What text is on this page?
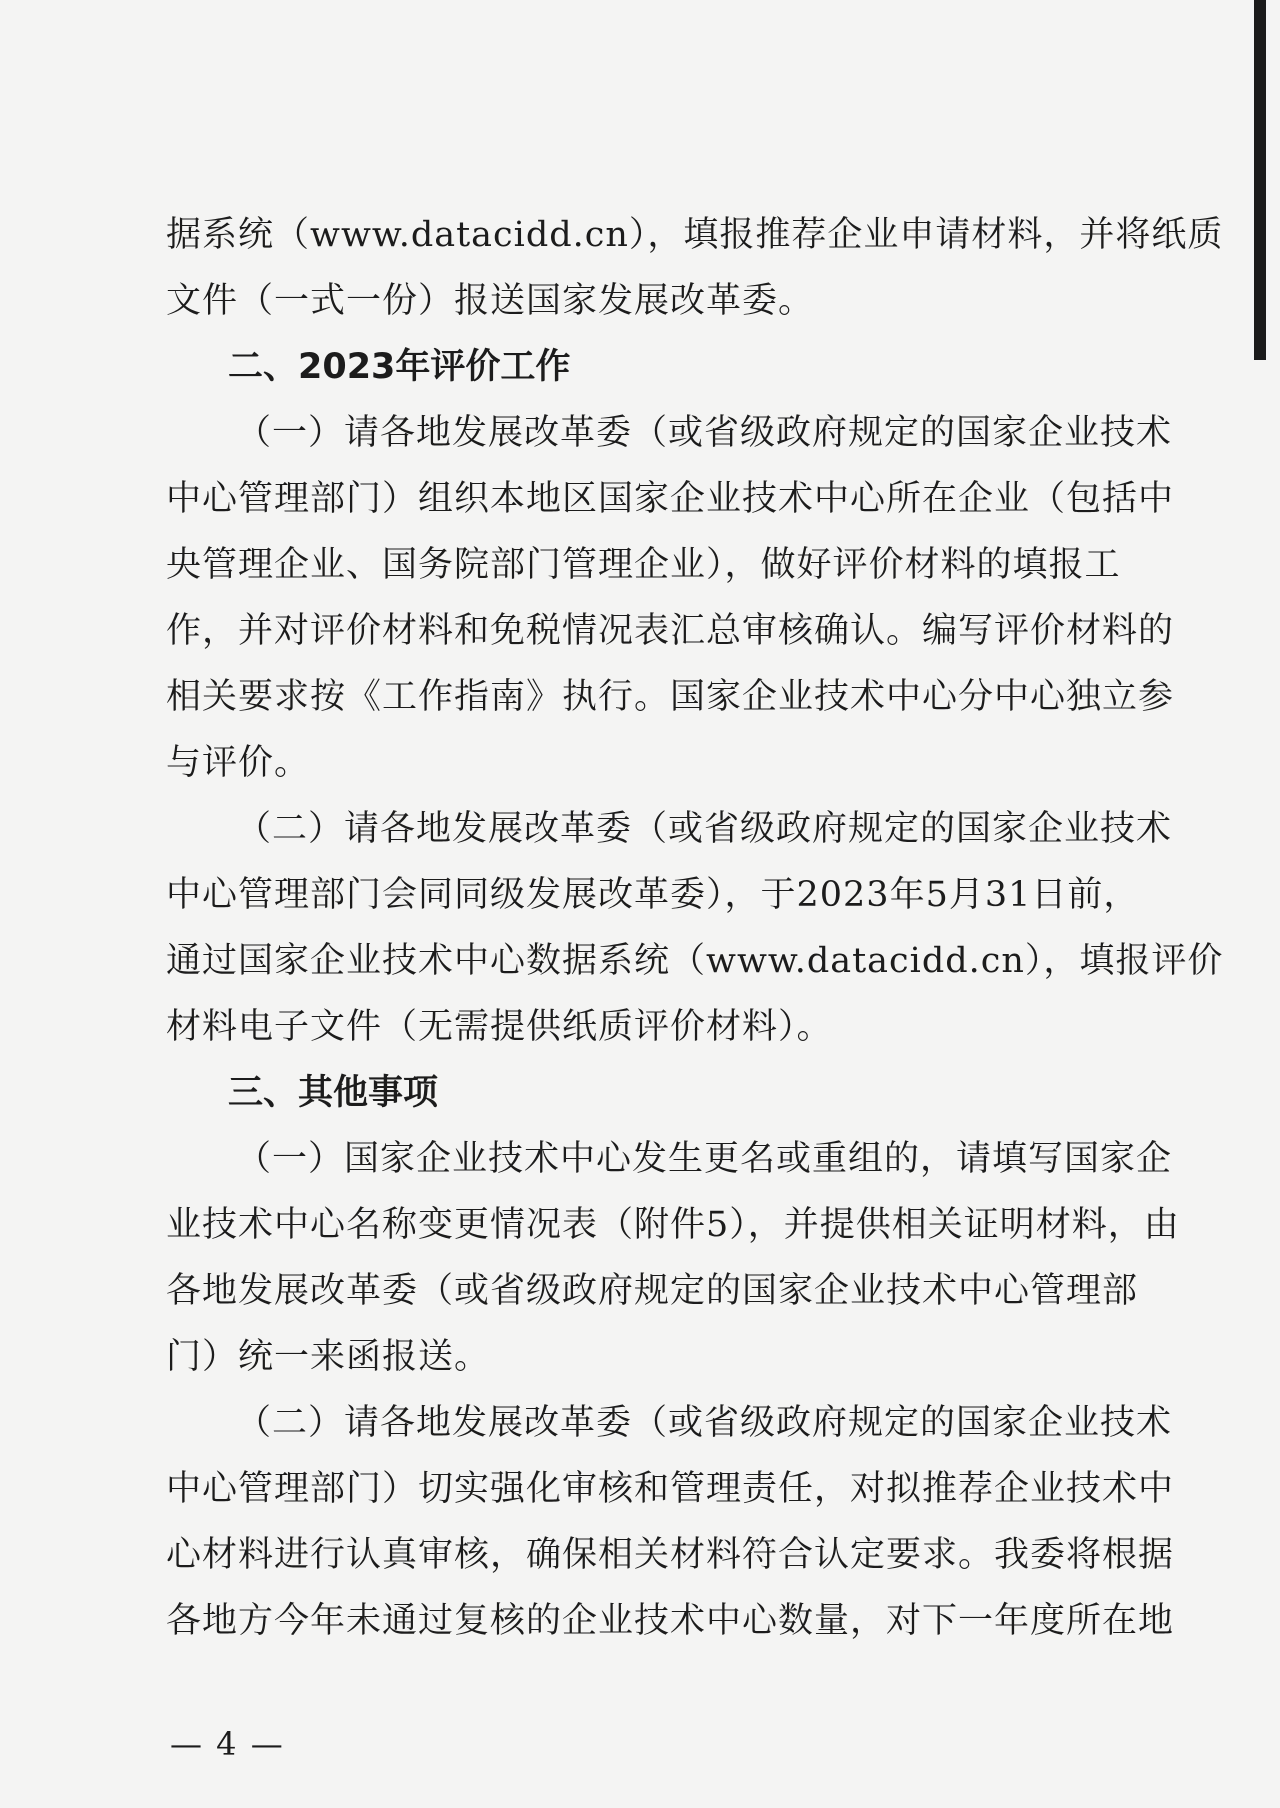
据系统（www.datacidd.cn），填报推荐企业申请材料，并将纸质
文件（一式一份）报送国家发展改革委。
二、2023年评价工作
（一）请各地发展改革委（或省级政府规定的国家企业技术
中心管理部门）组织本地区国家企业技术中心所在企业（包括中
央管理企业、国务院部门管理企业），做好评价材料的填报工
作，并对评价材料和免税情况表汇总审核确认。编写评价材料的
相关要求按《工作指南》执行。国家企业技术中心分中心独立参
与评价。
（二）请各地发展改革委（或省级政府规定的国家企业技术
中心管理部门会同同级发展改革委），于2023年5月31日前，
通过国家企业技术中心数据系统（www.datacidd.cn），填报评价
材料电子文件（无需提供纸质评价材料）。
三、其他事项
（一）国家企业技术中心发生更名或重组的，请填写国家企
业技术中心名称变更情况表（附件5），并提供相关证明材料，由
各地发展改革委（或省级政府规定的国家企业技术中心管理部
门）统一来函报送。
（二）请各地发展改革委（或省级政府规定的国家企业技术
中心管理部门）切实强化审核和管理责任，对拟推荐企业技术中
心材料进行认真审核，确保相关材料符合认定要求。我委将根据
各地方今年未通过复核的企业技术中心数量，对下一年度所在地
— 4 —
